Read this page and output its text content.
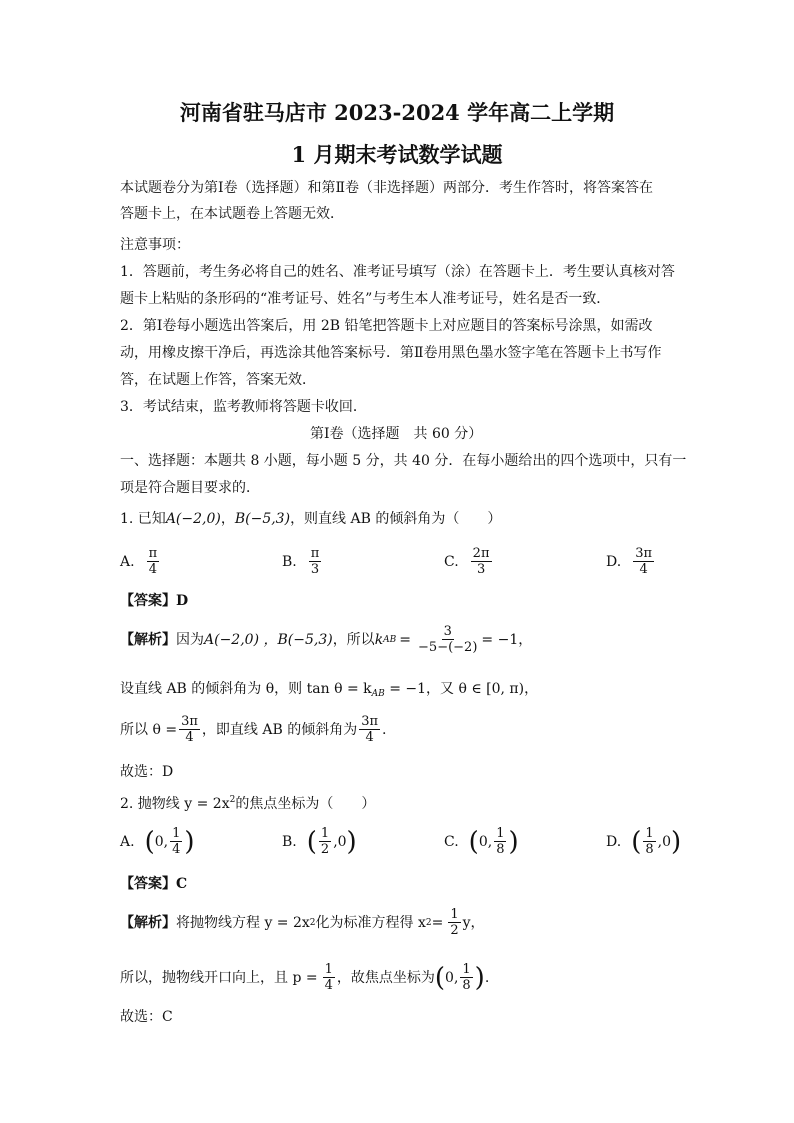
河南省驻马店市 2023-2024 学年高二上学期
1 月期末考试数学试题
本试题卷分为第Ⅰ卷（选择题）和第Ⅱ卷（非选择题）两部分．考生作答时，将答案答在
答题卡上，在本试题卷上答题无效．
注意事项：
1．答题前，考生务必将自己的姓名、准考证号填写（涂）在答题卡上．考生要认真核对答
题卡上粘贴的条形码的“准考证号、姓名”与考生本人准考证号，姓名是否一致．
2．第Ⅰ卷每小题选出答案后，用 2B 铅笔把答题卡上对应题目的答案标号涂黑，如需改
动，用橡皮擦干净后，再选涂其他答案标号．第Ⅱ卷用黑色墨水签字笔在答题卡上书写作
答，在试题上作答，答案无效．
3．考试结束，监考教师将答题卡收回．
第Ⅰ卷（选择题　共 60 分）
一、选择题：本题共 8 小题，每小题 5 分，共 40 分．在每小题给出的四个选项中，只有一
项是符合题目要求的．
1. 已知A(−2,0)，B(−5,3)，则直线 AB 的倾斜角为（　　）
A. $\frac{\pi}{4}$	B. $\frac{\pi}{3}$	C. $\frac{2\pi}{3}$	D. $\frac{3\pi}{4}$
【答案】D
【解析】 因为 A(−2,0) ，B(−5,3) ，所以 k AB = $\frac{3}{-5-(-2)} = -1$，
设直线 AB 的倾斜角为 θ，则 $\tan \theta = k_{AB} = -1$，又 θ ∈ [0, π)，
所以 $\theta = \frac{3\pi}{4}$ ，即直线 AB 的倾斜角为 $\frac{3\pi}{4}$ .
故选：D
2. 抛物线 $y = 2x^2$的焦点坐标为（　　）
A. ( 0, $\frac{1}{4}$ )	B. ( $\frac{1}{2} ,0$ )	C. ( 0, $\frac{1}{8}$ )	D. ( $\frac{1}{8} ,0$ )
【答案】C
【解析】 将抛物线方程 y = 2x 2 化为标准方程得 x $2 = \frac{1}{2}$ y，
所以，抛物线开口向上，且 $p = \frac{1}{4}$ ，故焦点坐标为 ( 0, $\frac{1}{8}$ ) .
故选：C
